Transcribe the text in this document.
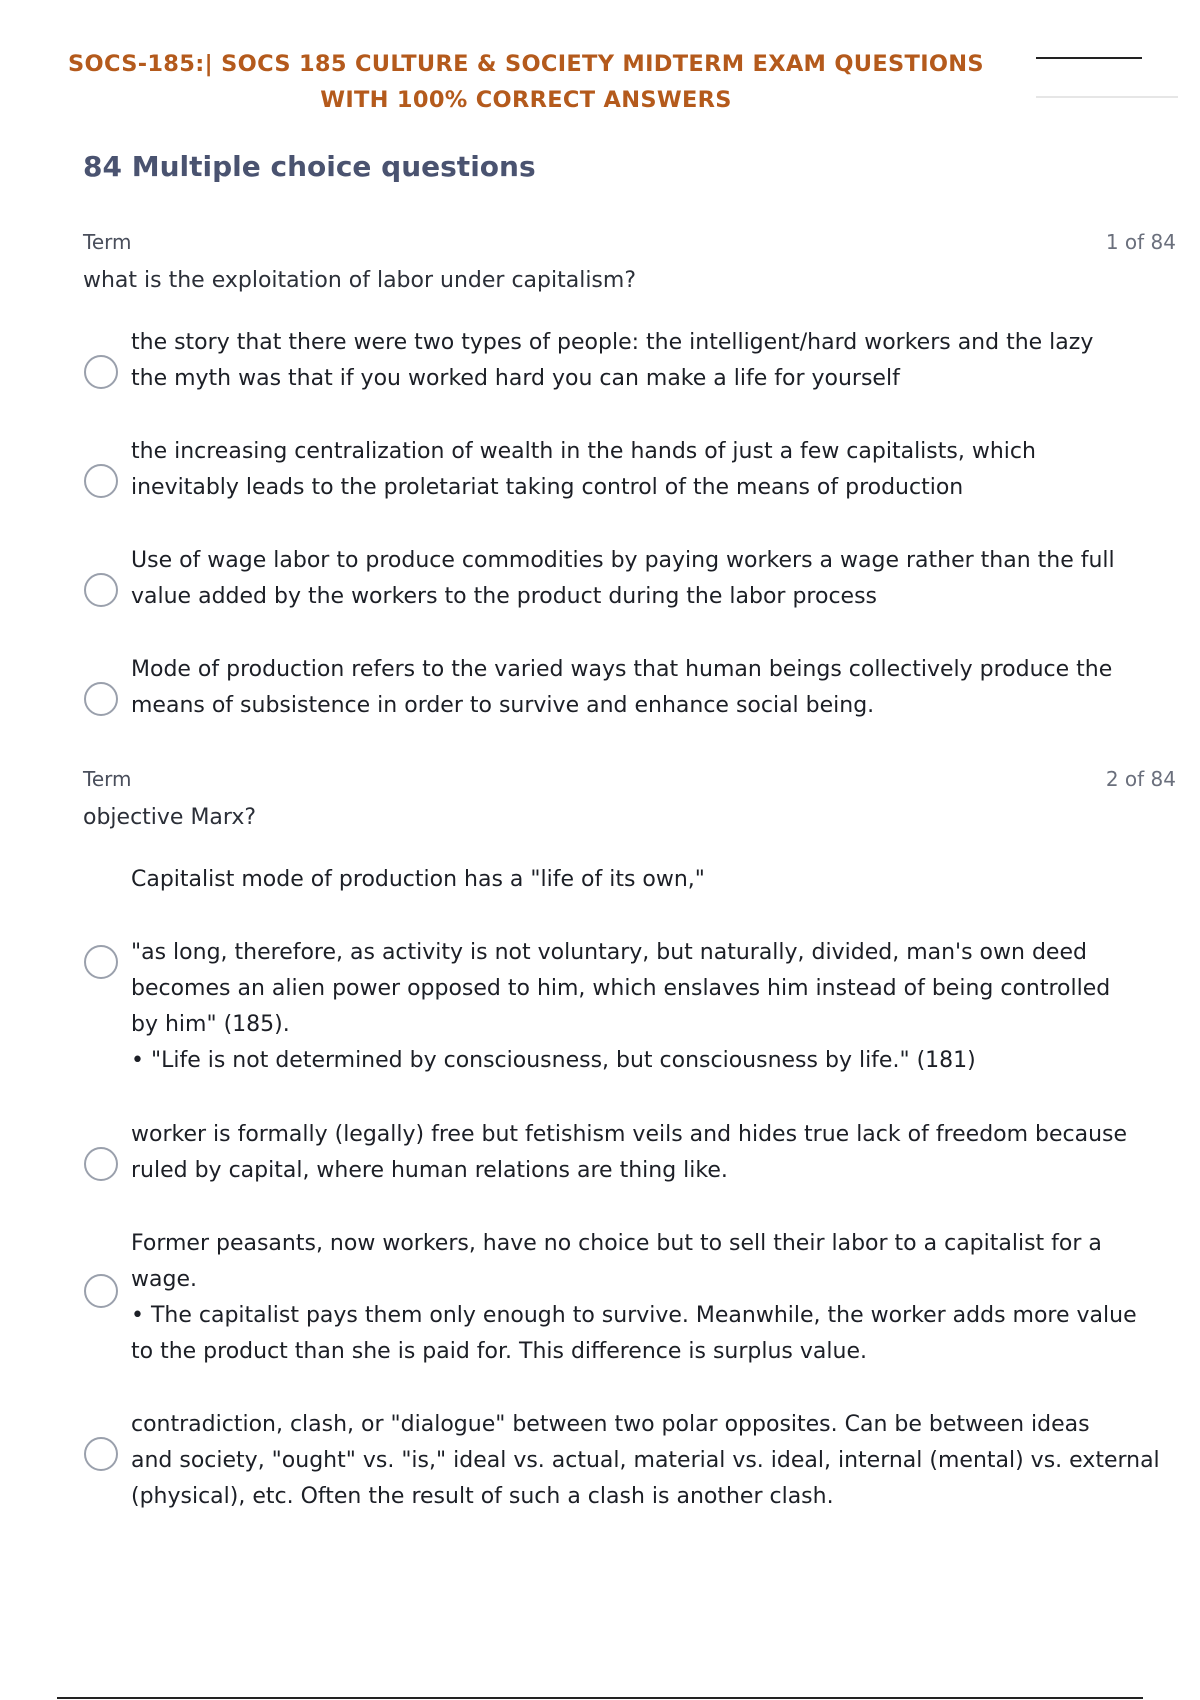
SOCS-185:| SOCS 185 CULTURE & SOCIETY MIDTERM EXAM QUESTIONS
WITH 100% CORRECT ANSWERS
84 Multiple choice questions
Term	1 of 84
what is the exploitation of labor under capitalism?
the story that there were two types of people: the intelligent/hard workers and the lazy
the myth was that if you worked hard you can make a life for yourself
the increasing centralization of wealth in the hands of just a few capitalists, which
inevitably leads to the proletariat taking control of the means of production
Use of wage labor to produce commodities by paying workers a wage rather than the full
value added by the workers to the product during the labor process
Mode of production refers to the varied ways that human beings collectively produce the
means of subsistence in order to survive and enhance social being.
Term	2 of 84
objective Marx?
Capitalist mode of production has a "life of its own,"
"as long, therefore, as activity is not voluntary, but naturally, divided, man's own deed
becomes an alien power opposed to him, which enslaves him instead of being controlled
by him" (185).
• "Life is not determined by consciousness, but consciousness by life." (181)
worker is formally (legally) free but fetishism veils and hides true lack of freedom because
ruled by capital, where human relations are thing like.
Former peasants, now workers, have no choice but to sell their labor to a capitalist for a
wage.
• The capitalist pays them only enough to survive. Meanwhile, the worker adds more value
to the product than she is paid for. This difference is surplus value.
contradiction, clash, or "dialogue" between two polar opposites. Can be between ideas
and society, "ought" vs. "is," ideal vs. actual, material vs. ideal, internal (mental) vs. external
(physical), etc. Often the result of such a clash is another clash.
